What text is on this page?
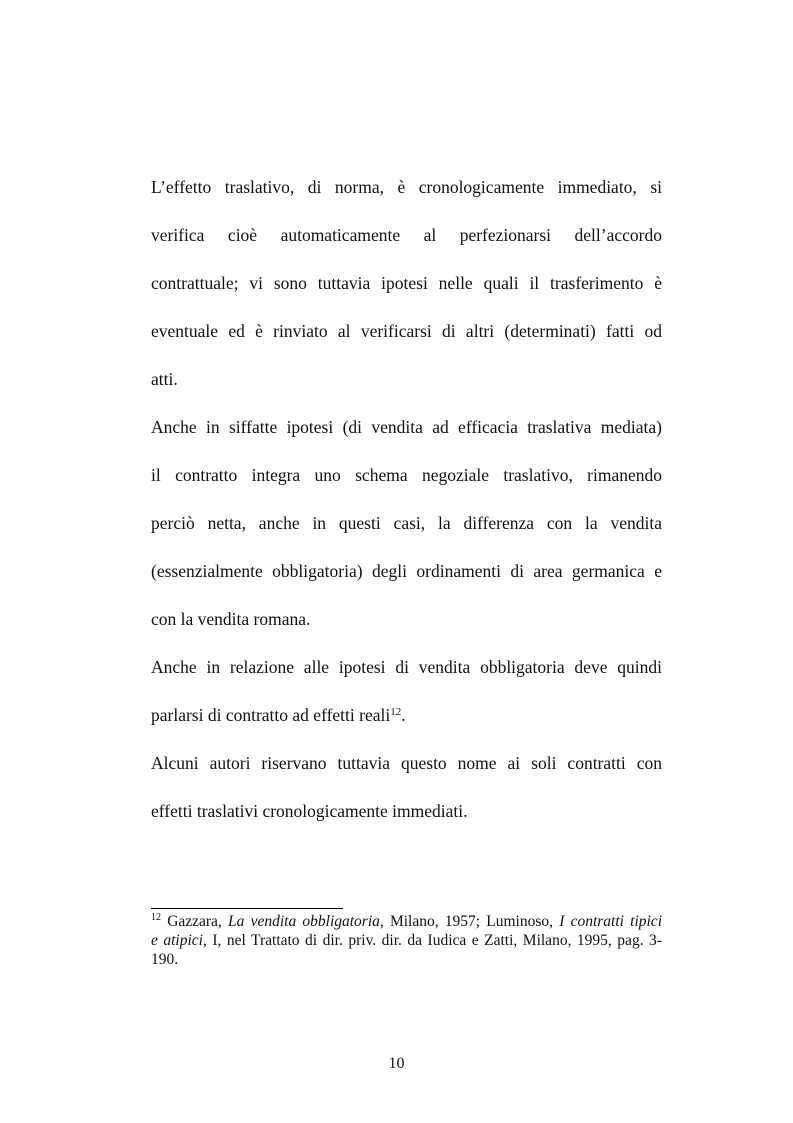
L’effetto traslativo, di norma, è cronologicamente immediato, si
verifica cioè automaticamente al perfezionarsi dell’accordo
contrattuale; vi sono tuttavia ipotesi nelle quali il trasferimento è
eventuale ed è rinviato al verificarsi di altri (determinati) fatti od
atti.

Anche in siffatte ipotesi (di vendita ad efficacia traslativa mediata)
il contratto integra uno schema negoziale traslativo, rimanendo
perciò netta, anche in questi casi, la differenza con la vendita
(essenzialmente obbligatoria) degli ordinamenti di area germanica e
con la vendita romana.

Anche in relazione alle ipotesi di vendita obbligatoria deve quindi
parlarsi di contratto ad effetti reali$^{12}$.

Alcuni autori riservano tuttavia questo nome ai soli contratti con
effetti traslativi cronologicamente immediati.

$^{12}$ Gazzara, La vendita obbligatoria, Milano, 1957; Luminoso, I contratti tipici
e atipici, I, nel Trattato di dir. priv. dir. da Iudica e Zatti, Milano, 1995, pag. 3-
190.
10
